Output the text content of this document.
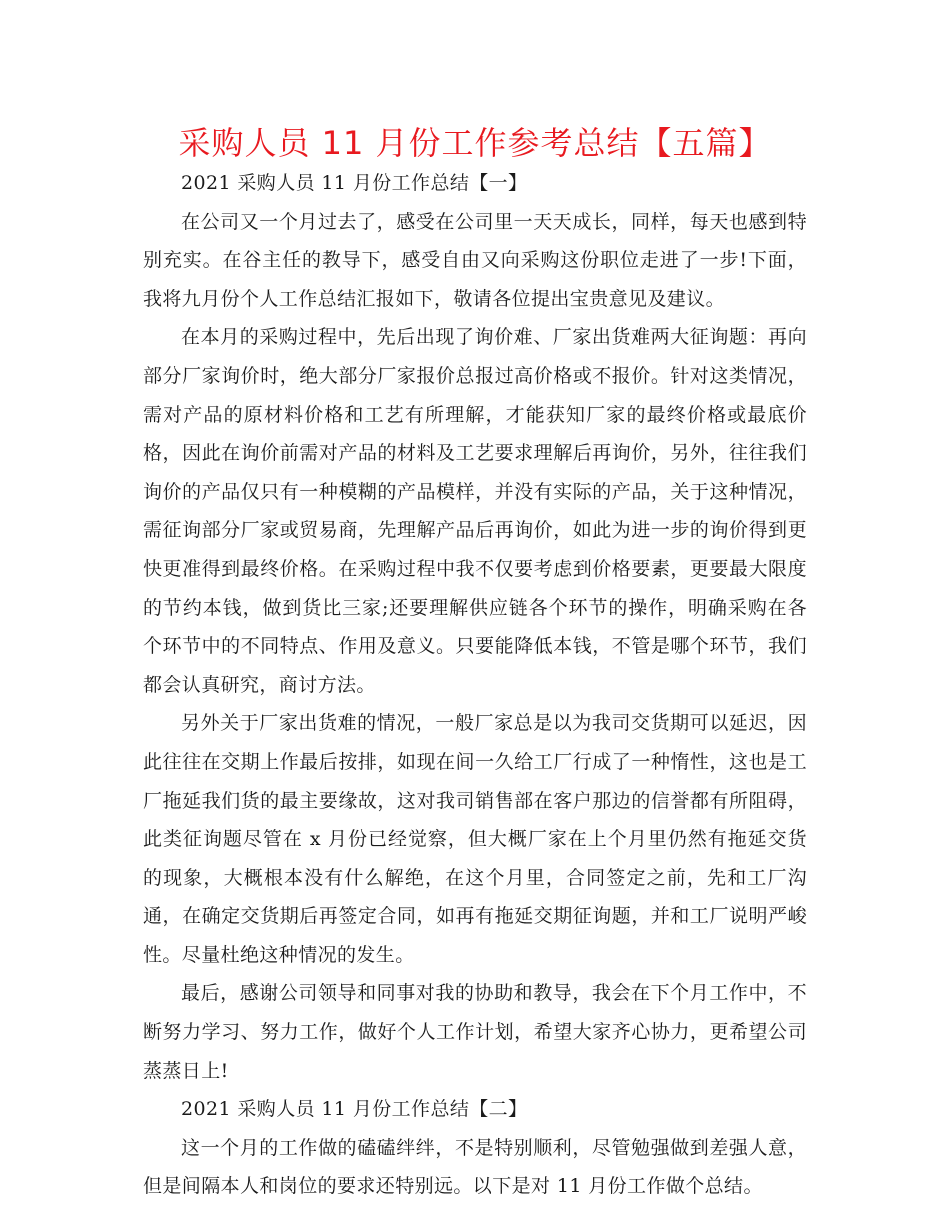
采购人员 11 月份工作参考总结【五篇】

2021 采购人员 11 月份工作总结【一】

在公司又一个月过去了，感受在公司里一天天成长，同样，每天也感到特别充实。在谷主任的教导下，感受自由又向采购这份职位走进了一步!下面，我将九月份个人工作总结汇报如下，敬请各位提出宝贵意见及建议。

在本月的采购过程中，先后出现了询价难、厂家出货难两大征询题：再向部分厂家询价时，绝大部分厂家报价总报过高价格或不报价。针对这类情况，需对产品的原材料价格和工艺有所理解，才能获知厂家的最终价格或最底价格，因此在询价前需对产品的材料及工艺要求理解后再询价，另外，往往我们询价的产品仅只有一种模糊的产品模样，并没有实际的产品，关于这种情况，需征询部分厂家或贸易商，先理解产品后再询价，如此为进一步的询价得到更快更准得到最终价格。在采购过程中我不仅要考虑到价格要素，更要最大限度的节约本钱，做到货比三家;还要理解供应链各个环节的操作，明确采购在各个环节中的不同特点、作用及意义。只要能降低本钱，不管是哪个环节，我们都会认真研究，商讨方法。

另外关于厂家出货难的情况，一般厂家总是以为我司交货期可以延迟，因此往往在交期上作最后按排，如现在间一久给工厂行成了一种惰性，这也是工厂拖延我们货的最主要缘故，这对我司销售部在客户那边的信誉都有所阻碍，此类征询题尽管在 x 月份已经觉察，但大概厂家在上个月里仍然有拖延交货的现象，大概根本没有什么解绝，在这个月里，合同签定之前，先和工厂沟通，在确定交货期后再签定合同，如再有拖延交期征询题，并和工厂说明严峻性。尽量杜绝这种情况的发生。

最后，感谢公司领导和同事对我的协助和教导，我会在下个月工作中，不断努力学习、努力工作，做好个人工作计划，希望大家齐心协力，更希望公司蒸蒸日上!

2021 采购人员 11 月份工作总结【二】

这一个月的工作做的磕磕绊绊，不是特别顺利，尽管勉强做到差强人意，但是间隔本人和岗位的要求还特别远。以下是对 11 月份工作做个总结。
